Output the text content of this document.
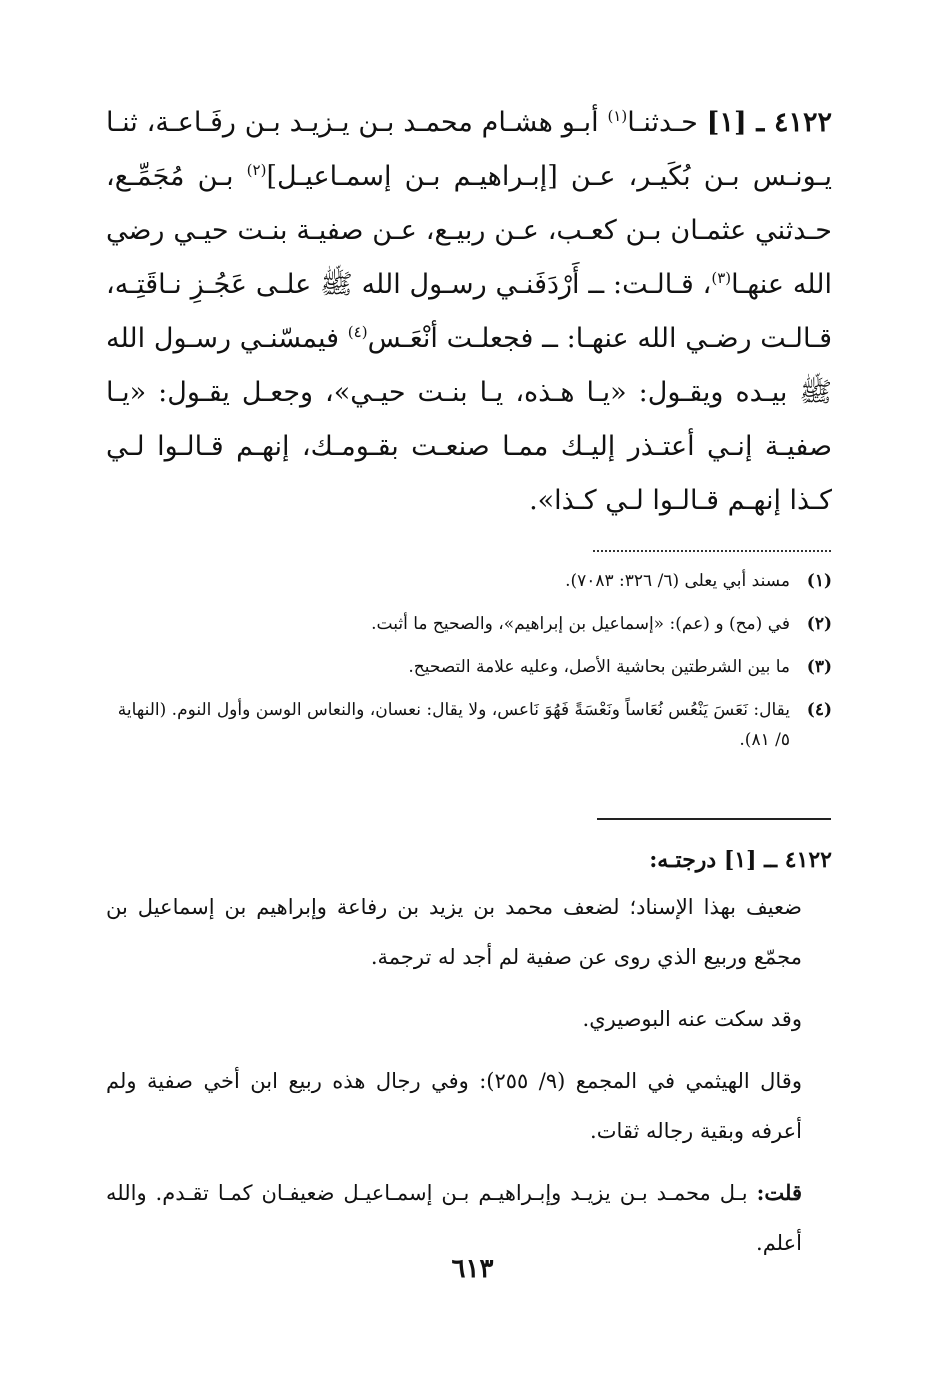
٤١٢٢ ـ [١] حـدثنـا$^{(١)}$ أبـو هشـام محمـد بـن يـزيـد بـن رفَـاعـة، ثنـا يـونـس بـن بُكَيـر، عـن [إبـراهيـم بـن إسمـاعيـل]$^{(٢)}$ بـن مُجَمِّـع، حـدثني عثمـان بـن كعـب، عـن ربيـع، عـن صفيـة بنـت حيـي رضي الله عنهـا$^{(٣)}$، قـالـت: ــ أَرْدَفَنـي رسـول الله ﷺ علـى عَجُـزِ نـاقَتِـه، قـالـت رضـي الله عنهـا: ــ فجعلـت أنْعَـس$^{(٤)}$ فيمسّنـي رسـول الله ﷺ بيـده ويقـول: «يـا هـذه، يـا بنـت حيـي»، وجعـل يقـول: «يـا صفيـة إنـي أعتـذر إليـك ممـا صنعـت بقـومـك، إنهـم قـالـوا لـي كـذا إنهـم قـالـوا لـي كـذا».

(١)
مسند أبي يعلى (٦/ ٣٢٦: ٧٠٨٣).
(٢)
في (مح) و (عم): «إسماعيل بن إبراهيم»، والصحيح ما أثبت.
(٣)
ما بين الشرطتين بحاشية الأصل، وعليه علامة التصحيح.
(٤)
يقال: نَعَسَ يَنْعُس نُعَاساً ونَعْسَةً فَهُوَ نَاعس، ولا يقال: نعسان، والنعاس الوسن وأول النوم. (النهاية ٥/ ٨١).
٤١٢٢ ــ [١] درجتـه:

ضعيف بهذا الإسناد؛ لضعف محمد بن يزيد بن رفاعة وإبراهيم بن إسماعيل بن مجمّع وربيع الذي روى عن صفية لم أجد له ترجمة.

وقد سكت عنه البوصيري.

وقال الهيثمي في المجمع (٩/ ٢٥٥): وفي رجال هذه ربيع ابن أخي صفية ولم أعرفه وبقية رجاله ثقات.

قلت: بـل محمـد بـن يزيـد وإبـراهيـم بـن إسمـاعيـل ضعيفـان كمـا تقـدم. والله أعلم.

٦١٣
